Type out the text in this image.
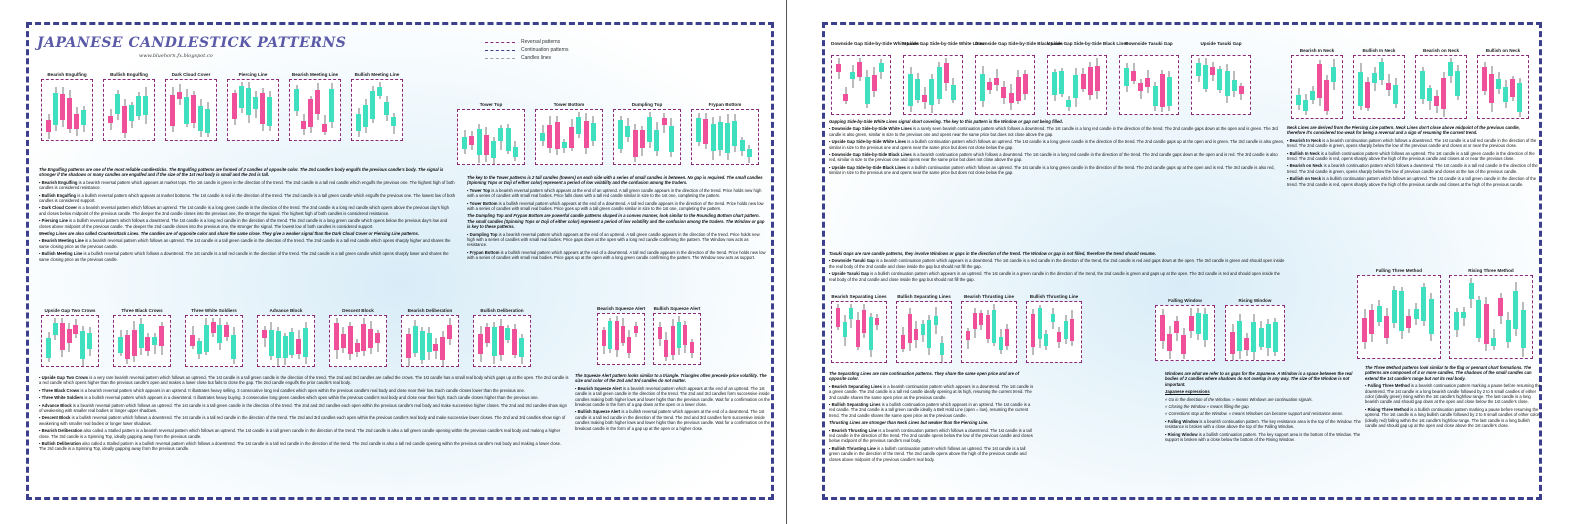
JAPANESE CANDLESTICK PATTERNS
www.bluehorn.fx.blogspot.co
Reversal patterns
Continuation patterns
Candles lines

The Engulfing patterns are one of the most reliable candlesticks. The Engulfing patterns are formed of 2 candles of opposite color. The 2nd candle's body engulfs the previous candle's body. The signal is stronger if the shadows or many candles are engulfed and if the size of the 1st real body is small and the 2nd is tall.

▪ Bearish Engulfing is a bearish reversal pattern which appears at market tops. The 1st candle is green in the direction of the trend. The 2nd candle is a tall red candle which engulfs the previous one. The highest high of both candles is considered resistance.

▪ Bullish Engulfing is a bullish reversal pattern which appears at market bottoms. The 1st candle is red in the direction of the trend. The 2nd candle is a tall green candle which engulfs the previous one. The lowest low of both candles is considered support.

▪ Dark Cloud Cover is a bearish reversal pattern which follows an uptrend. The 1st candle is a long green candle in the direction of the trend. The 2nd candle is a long red candle which opens above the previous day's high and closes below midpoint of the previous candle. The deeper the 2nd candle closes into the previous one, the stronger the signal. The highest high of both candles is considered resistance.

▪ Piercing Line is a bullish reversal pattern which follows a downtrend. The 1st candle is a long red candle in the direction of the trend. The 2nd candle is a long green candle which opens below the previous day's low and closes above midpoint of the previous candle. The deeper the 2nd candle closes into the previous one, the stronger the signal. The lowest low of both candles is considered support.

Meeting Lines are also called Counterattack Lines. The candles are of opposite color and share the same close. They give a weaker signal than the Dark Cloud Cover or Piercing Line patterns.

▪ Bearish Meeting Line is a bearish reversal pattern which follows an uptrend. The 1st candle is a tall green candle in the direction of the trend. The 2nd candle is a tall red candle which opens sharply higher and shares the same closing price as the previous candle.

▪ Bullish Meeting Line is a bullish reversal pattern which follows a downtrend. The 1st candle is a tall red candle in the direction of the trend. The 2nd candle is a tall green candle which opens sharply lower and shares the same closing price as the previous candle.

The key to the Tower patterns is 2 tall candles (towers) on each side with a series of small candles in between. No gap is required. The small candles (Spinning Tops or Doji of either color) represent a period of low volatility and the confusion among the traders.

▪ Tower Top is a bearish reversal pattern which appears at the end of an uptrend. A tall green candle appears in the direction of the trend. Price holds new high with a series of candles with small real bodies. Price falls down with a tall red candle similar in size to the 1st one, completing the pattern.

▪ Tower Bottom is a bullish reversal pattern which appears at the end of a downtrend. A tall red candle appears in the direction of the trend. Price holds new low with a series of candles with small real bodies. Price goes up with a tall green candle similar in size to the 1st one, completing the pattern.

The Dumpling Top and Frypan Bottom are powerful candle patterns shaped in a convex manner, look similar to the Rounding Bottom chart pattern. The small candles (Spinning Tops or Doji of either color) represent a period of low volatility and the confusion among the traders. The Window or gap is key to these patterns.

▪ Dumpling Top is a bearish reversal pattern which appears at the end of an uptrend. A tall green candle appears in the direction of the trend. Price holds new high with a series of candles with small real bodies. Price gaps down at the open with a long red candle confirming the pattern. The Window now acts as resistance.

▪ Frypan Bottom is a bullish reversal pattern which appears at the end of a downtrend. A tall red candle appears in the direction of the trend. Price holds new low with a series of candles with small real bodies. Price gaps up at the open with a long green candle confirming the pattern. The Window now acts as support.

▪ Upside Gap Two Crows is a very rare bearish reversal pattern which follows an uptrend. The 1st candle is a tall green candle in the direction of the trend. The 2nd and 3rd candles are called the crows. The 1st candle has a small real body which gaps up at the open. The 2nd candle is a red candle which opens higher than the previous candle's open and makes a lower close but fails to close the gap. The 2nd candle engulfs the prior candle's real body.

▪ Three Black Crows is a bearish reversal pattern which appears in an uptrend. It illustrates heavy selling. 3 consecutive long red candles which open within the previous candle's real body and close near their low. Each candle closes lower than the previous one.

▪ Three White Soldiers is a bullish reversal pattern which appears in a downtrend. It illustrates heavy buying. 3 consecutive long green candles which open within the previous candle's real body and close near their high. Each candle closes higher than the previous one.

▪ Advance Block is a bearish reversal pattern which follows an uptrend. The 1st candle is a tall green candle in the direction of the trend. The 2nd and 3rd candles each open within the previous candle's real body and make successive higher closes. The 2nd and 3rd candles show sign of weakening with smaller real bodies or longer upper shadows.

▪ Descent Block is a bullish reversal pattern which follows a downtrend. The 1st candle is a tall red candle in the direction of the trend. The 2nd and 3rd candles each open within the previous candle's real body and make successive lower closes. The 2nd and 3rd candles show sign of weakening with smaller real bodies or longer lower shadows.

▪ Bearish Deliberation also called a Stalled pattern is a bearish reversal pattern which follows an uptrend. The 1st candle is a tall green candle in the direction of the trend. The 2nd candle is also a tall green candle opening within the previous candle's real body and making a higher close. The 3rd candle is a Spinning Top, ideally gapping away from the previous candle.

▪ Bullish Deliberation also called a Stalled pattern is a bullish reversal pattern which follows a downtrend. The 1st candle is a tall red candle in the direction of the trend. The 2nd candle is also a tall red candle opening within the previous candle's real body and making a lower close. The 3rd candle is a Spinning Top, ideally gapping away from the previous candle.

The Squeeze Alert pattern looks similar to a triangle. Triangles often precede price volatility. The size and color of the 2nd and 3rd candles do not matter.

▪ Bearish Squeeze Alert is a bearish reversal pattern which appears at the end of an uptrend. The 1st candle is a tall green candle in the direction of the trend. The 2nd and 3rd candles form successive inside candles making both higher lows and lower highs than the previous candle. Wait for a confirmation on the breakout candle in the form of a gap down at the open or a lower close.

▪ Bullish Squeeze Alert is a bullish reversal pattern which appears at the end of a downtrend. The 1st candle is a tall red candle in the direction of the trend. The 2nd and 3rd candles form successive inside candles making both higher lows and lower highs than the previous candle. Wait for a confirmation on the breakout candle in the form of a gap up at the open or a higher close.

Bearish Engulfing	Bullish Engulfing	Dark Cloud Cover	Piercing Line	Bearish Meeting Line	Bullish Meeting Line
Tower Top	Tower Bottom	Dumpling Top	Frypan Bottom
Upside Gap Two Crows	Three Black Crows	Three White Soldiers	Advance Block	Descent Block	Bearish Deliberation	Bullish Deliberation	Bearish Squeeze Alert Bullish Squeeze Alert

Gapping Side-by-Side White Lines signal short covering. The key to this pattern is the Window or gap not being filled.

▪ Downside Gap Side-by-Side White Lines is a rarely seen bearish continuation pattern which follows a downtrend. The 1st candle is a long red candle in the direction of the trend. The 2nd candle gaps down at the open and is green. The 3rd candle is also green, similar in size to the previous one and opens near the same price but does not close above the gap.

▪ Upside Gap Side-by-Side White Lines is a bullish continuation pattern which follows an uptrend. The 1st candle is a long green candle in the direction of the trend. The 2nd candle gaps up at the open and is green. The 3rd candle is also green, similar in size to the previous one and opens near the same price but does not close below the gap.

▪ Downside Gap Side-by-Side Black Lines is a bearish continuation pattern which follows a downtrend. The 1st candle is a long red candle in the direction of the trend. The 2nd candle gaps down at the open and is red. The 3rd candle is also red, similar in size to the previous one and opens near the same price but does not close above the gap.

▪ Upside Gap Side-by-Side Black Lines is a bullish continuation pattern which follows an uptrend. The 1st candle is a long green candle in the direction of the trend. The 2nd candle gaps up at the open and is red. The 3rd candle is also red, similar in size to the previous one and opens near the same price but does not close below the gap.

Tasuki Gaps are rare candle patterns, they involve Windows or gaps in the direction of the trend. The Window or gap is not filled, therefore the trend should resume.

▪ Downside Tasuki Gap is a bearish continuation pattern which appears in a downtrend. The 1st candle is a red candle in the direction of the trend, the 2nd candle is red and gaps down at the open. The 3rd candle is green and should open inside the real body of the 2nd candle and close inside the gap but should not fill the gap.

▪ Upside Tasuki Gap is a bullish continuation pattern which appears in an uptrend. The 1st candle is a green candle in the direction of the trend, the 2nd candle is green and gaps up at the open. The 3rd candle is red and should open inside the real body of the 2nd candle and close inside the gap but should not fill the gap.

Neck Lines are derived from the Piercing Line pattern. Neck Lines don't close above midpoint of the previous candle, therefore it's considered too weak for being a reversal and a sign of resuming the current trend.

▪ Bearish In Neck is a bearish continuation pattern which follows a downtrend. The 1st candle is a tall red candle in the direction of the trend. The 2nd candle is green, opens sharply below the low of the previous candle and closes at or near the previous close.

▪ Bullish In Neck is a bullish continuation pattern which follows an uptrend. The 1st candle is a tall green candle in the direction of the trend. The 2nd candle is red, opens sharply above the high of the previous candle and closes at or near the previous close.

▪ Bearish on Neck is a bearish continuation pattern which follows a downtrend. The 1st candle is a tall red candle in the direction of the trend. The 2nd candle is green, opens sharply below the low of previous candle and closes at the low of the previous candle.

▪ Bullish on Neck is a bullish continuation pattern which follows an uptrend. The 1st candle is a tall green candle in the direction of the trend. The 2nd candle is red, opens sharply above the high of the previous candle and closes at the high of the previous candle.

The Separating Lines are rare continuation patterns. They share the same open price and are of opposite color.

▪ Bearish Separating Lines is a bearish continuation pattern which appears in a downtrend. The 1st candle is a green candle. The 2nd candle is a tall red candle ideally opening at its high, resuming the current trend. The 2nd candle shares the same open price as the previous candle.

▪ Bullish Separating Lines is a bullish continuation pattern which appears in an uptrend. The 1st candle is a red candle. The 2nd candle is a tall green candle ideally a Belt Hold Line (open = low), resuming the current trend. The 2nd candle shares the same open price as the previous candle.

Thrusting Lines are stronger than Neck Lines but weaker than the Piercing Line.

▪ Bearish Thrusting Line is a bearish continuation pattern which follows a downtrend. The 1st candle is a tall red candle in the direction of the trend. The 2nd candle opens below the low of the previous candle and closes below midpoint of the previous candle's real body.

▪ Bullish Thrusting Line is a bullish continuation pattern which follows an uptrend. The 1st candle is a tall green candle in the direction of the trend. The 2nd candle opens above the high of the previous candle and closes above midpoint of the previous candle's real body.

Windows are what we refer to as gaps for the Japanese. A Window is a space between the real bodies of 2 candles where shadows do not overlap in any way. The size of the Window is not important.

Japanese expressions

« Go in the direction of the Window. » means Windows are continuation signals.

« Closing the Window » means filling the gap.

« Corrections stop at the Window. » means Windows can become support and resistance areas.

▪ Falling Window is a bearish continuation pattern. The key resistance area is the top of the Window. The resistance is broken with a close above the top of the Falling Window.

▪ Rising Window is a bullish continuation pattern. The key support area is the bottom of the Window. The support is broken with a close below the bottom of the Rising Window.

The Three Method patterns look similar to the flag or pennant chart formations. The patterns are composed of 4 or more candles. The shadows of the small candles can extend the 1st candle's range but not its real body.

▪ Falling Three Method is a bearish continuation pattern marking a pause before resuming the downtrend. The 1st candle is a long bearish candle followed by 2 to 5 small candles of either color (ideally green) rising within the 1st candle's high/low range. The last candle is a long bearish candle and should gap down at the open and close below the 1st candle's close.

▪ Rising Three Method is a bullish continuation pattern marking a pause before resuming the uptrend. The 1st candle is a long bullish candle followed by 2 to 5 small candles of either color (ideally red) falling within the 1st candle's high/low range. The last candle is a long bullish candle and should gap up at the open and close above the 1st candle's close.

Downside Gap Side-by-Side White Lines
Upside Gap Side-by-Side White Lines
Downside Gap Side-by-Side Black Lines
Upside Gap Side-by-Side Black Lines
Downside Tasuki Gap	Upside Tasuki Gap
Bearish In Neck	Bullish In Neck	Bearish on Neck	Bullish on Neck
Bearish Separating Lines Bullish Separating Lines	Bearish Thrusting Line	Bullish Thrusting Line
Falling Window	Rising Window
Falling Three Method	Rising Three Method
